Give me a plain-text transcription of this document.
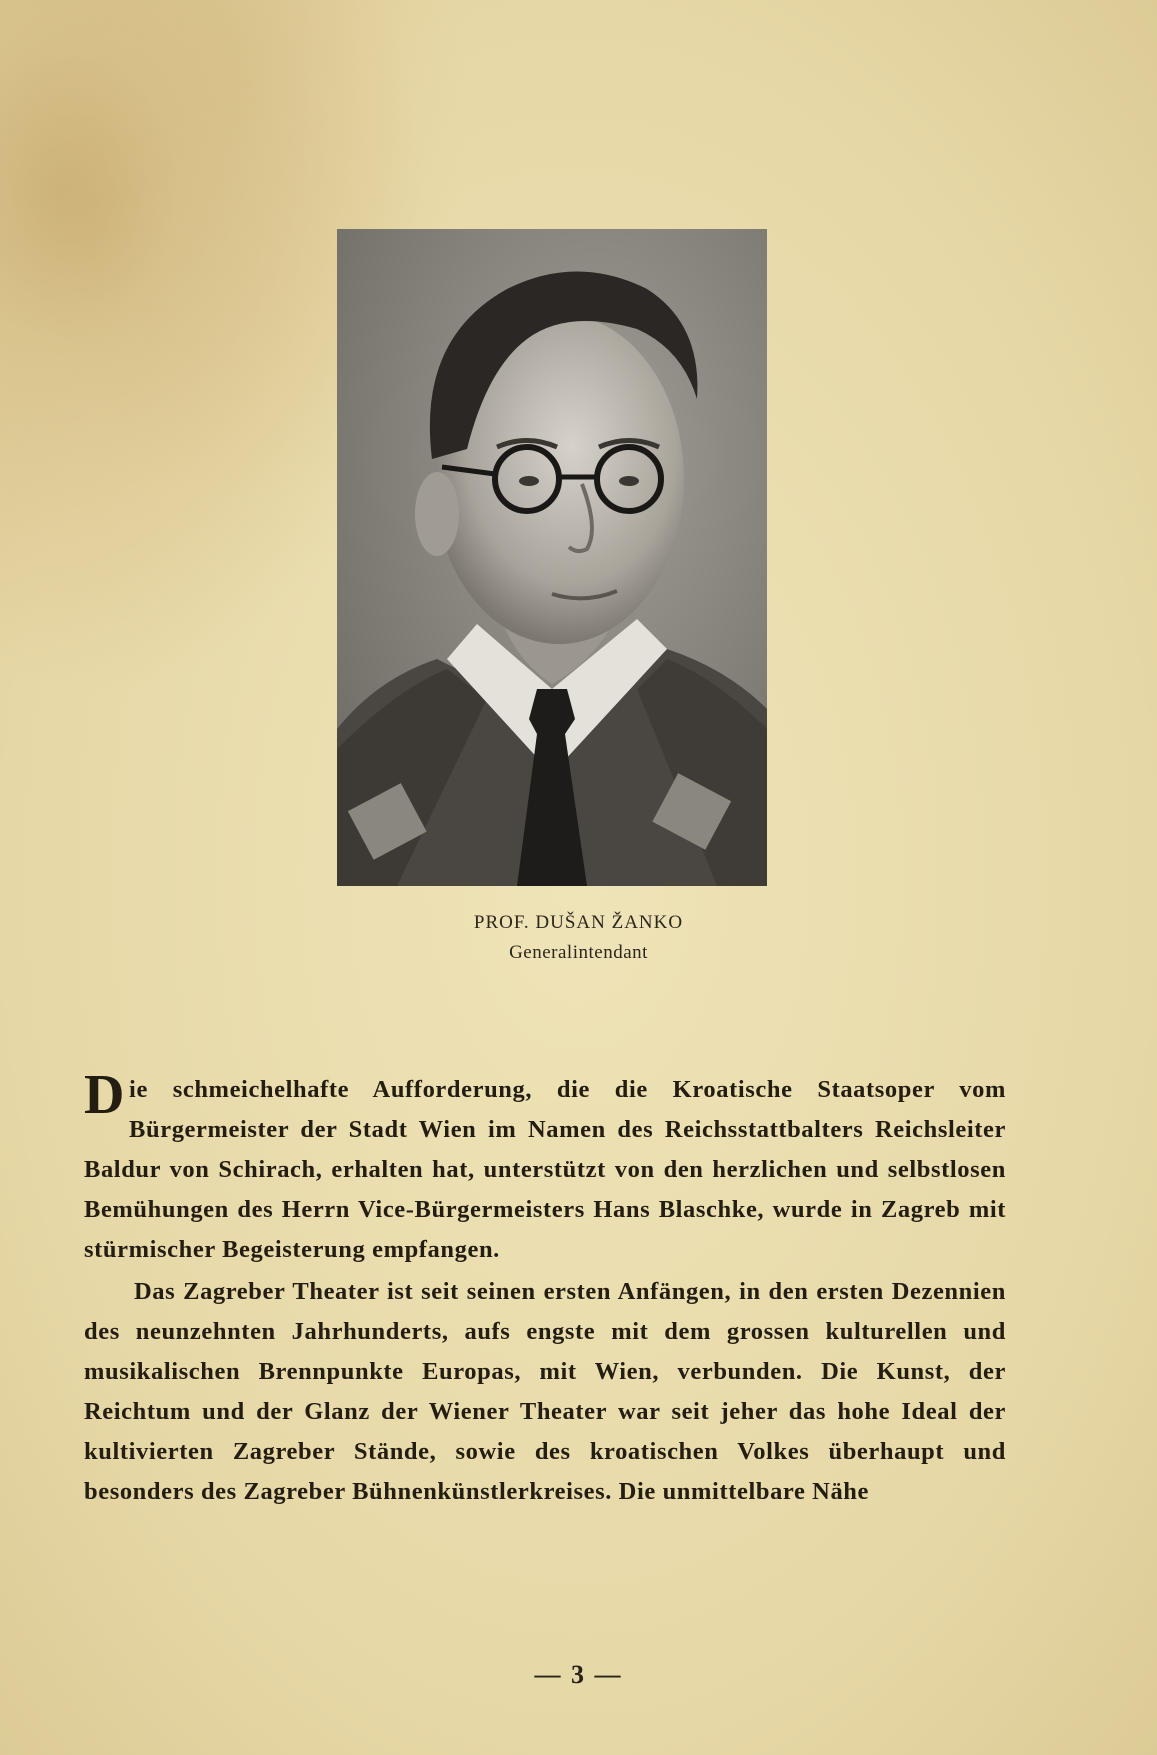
PROF. DUŠAN ŽANKO
Generalintendant

Die schmeichelhafte Aufforderung, die die Kroatische Staatsoper vom Bürgermeister der Stadt Wien im Namen des Reichsstattbalters Reichsleiter Baldur von Schirach, erhalten hat, unterstützt von den herzlichen und selbstlosen Bemühungen des Herrn Vice-Bürgermeisters Hans Blaschke, wurde in Zagreb mit stürmischer Begeisterung empfangen.

Das Zagreber Theater ist seit seinen ersten Anfängen, in den ersten Dezennien des neunzehnten Jahrhunderts, aufs engste mit dem grossen kulturellen und musikalischen Brennpunkte Europas, mit Wien, verbunden. Die Kunst, der Reichtum und der Glanz der Wiener Theater war seit jeher das hohe Ideal der kultivierten Zagreber Stände, sowie des kroatischen Volkes überhaupt und besonders des Zagreber Bühnenkünstlerkreises. Die unmittelbare Nähe

— 3 —
